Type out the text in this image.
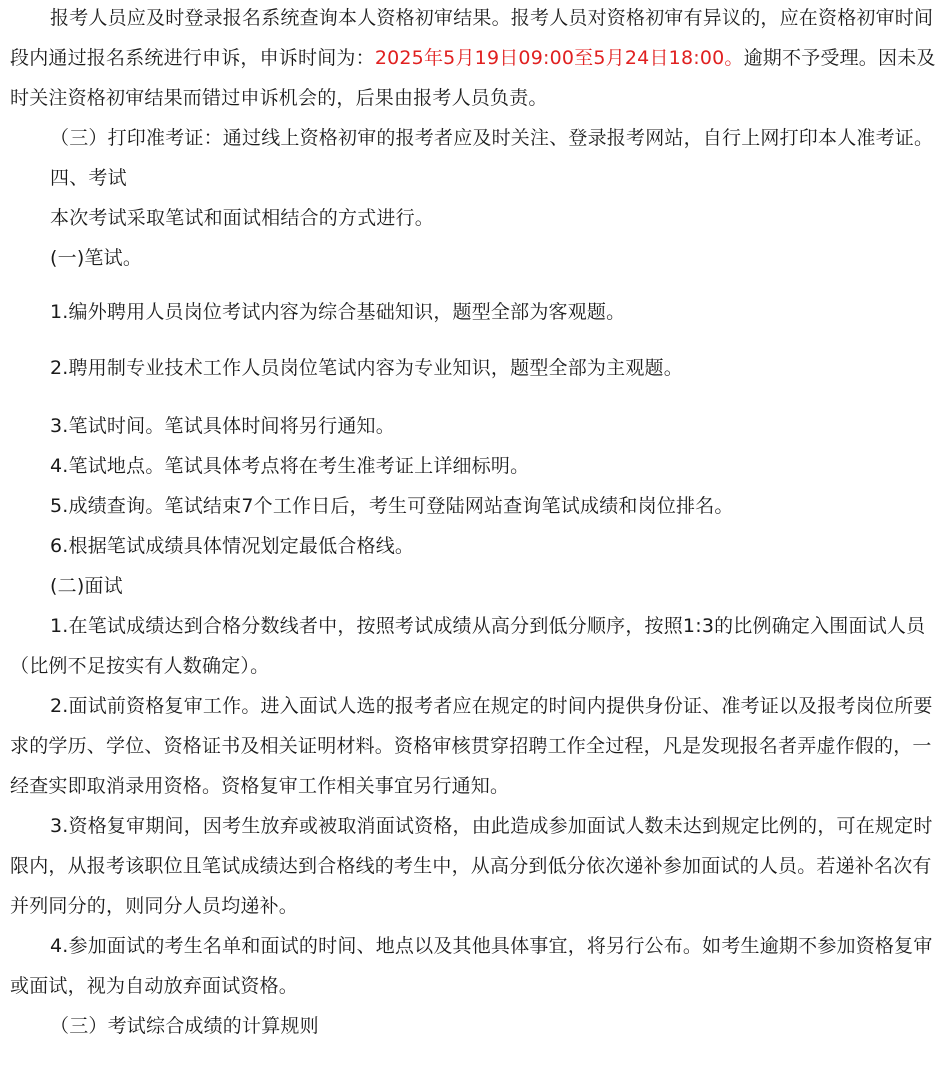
报考人员应及时登录报名系统查询本人资格初审结果。报考人员对资格初审有异议的，应在资格初审时间段内通过报名系统进行申诉，申诉时间为：2025年5月19日09:00至5月24日18:00。逾期不予受理。因未及时关注资格初审结果而错过申诉机会的，后果由报考人员负责。

（三）打印准考证：通过线上资格初审的报考者应及时关注、登录报考网站，自行上网打印本人准考证。

四、考试

本次考试采取笔试和面试相结合的方式进行。

(一)笔试。

1.编外聘用人员岗位考试内容为综合基础知识，题型全部为客观题。

2.聘用制专业技术工作人员岗位笔试内容为专业知识，题型全部为主观题。

3.笔试时间。笔试具体时间将另行通知。

4.笔试地点。笔试具体考点将在考生准考证上详细标明。

5.成绩查询。笔试结束7个工作日后，考生可登陆网站查询笔试成绩和岗位排名。

6.根据笔试成绩具体情况划定最低合格线。

(二)面试

1.在笔试成绩达到合格分数线者中，按照考试成绩从高分到低分顺序，按照1:3的比例确定入围面试人员（比例不足按实有人数确定）。

2.面试前资格复审工作。进入面试人选的报考者应在规定的时间内提供身份证、准考证以及报考岗位所要求的学历、学位、资格证书及相关证明材料。资格审核贯穿招聘工作全过程，凡是发现报名者弄虚作假的，一经查实即取消录用资格。资格复审工作相关事宜另行通知。

3.资格复审期间，因考生放弃或被取消面试资格，由此造成参加面试人数未达到规定比例的，可在规定时限内，从报考该职位且笔试成绩达到合格线的考生中，从高分到低分依次递补参加面试的人员。若递补名次有并列同分的，则同分人员均递补。

4.参加面试的考生名单和面试的时间、地点以及其他具体事宜，将另行公布。如考生逾期不参加资格复审或面试，视为自动放弃面试资格。

（三）考试综合成绩的计算规则
